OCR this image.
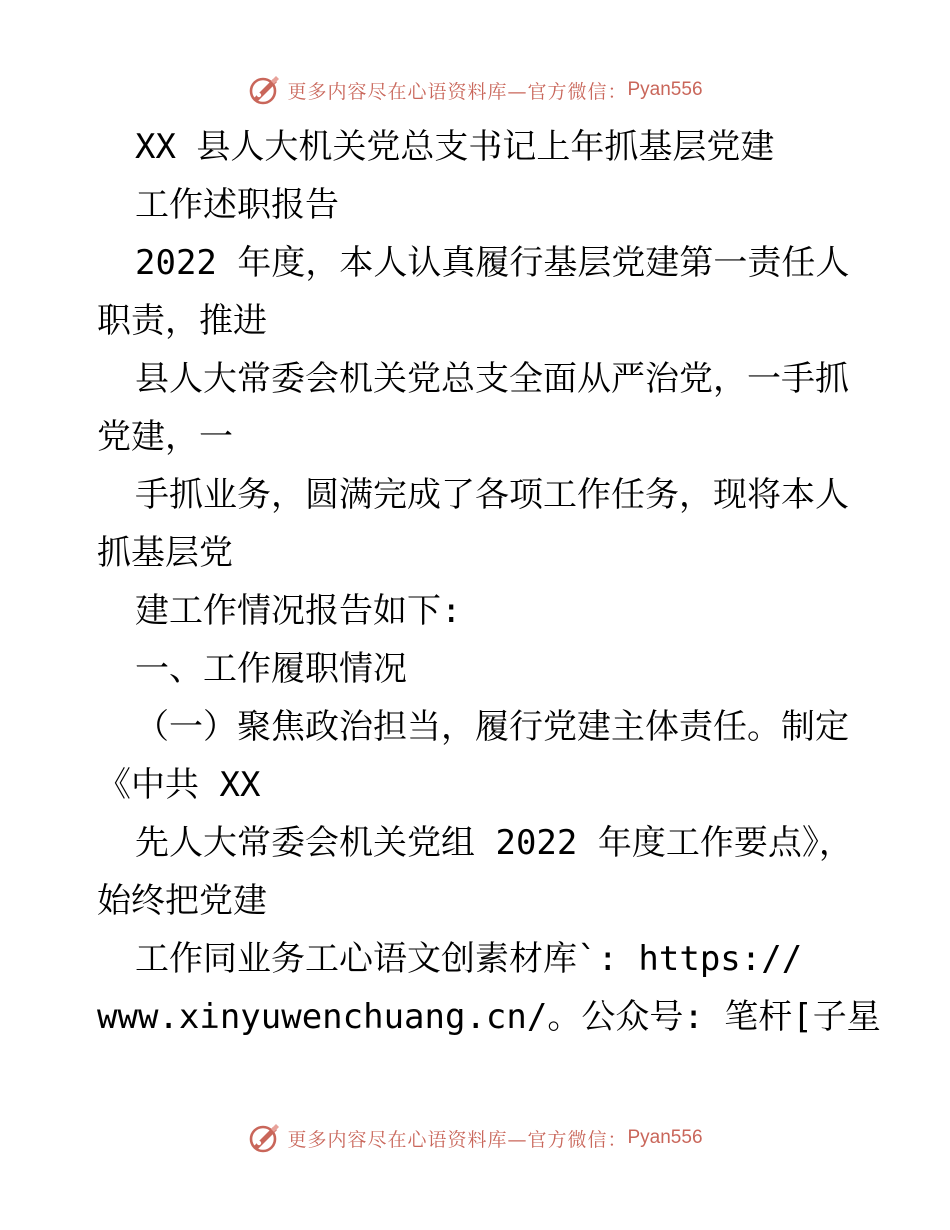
更多内容尽在心语资料库—官方微信： Pyan556
XX 县人大机关党总支书记上年抓基层党建
工作述职报告
2022 年度，本人认真履行基层党建第一责任人
职责，推进
县人大常委会机关党总支全面从严治党，一手抓
党建，一
手抓业务，圆满完成了各项工作任务，现将本人
抓基层党
建工作情况报告如下:
一、工作履职情况
（一）聚焦政治担当，履行党建主体责任。制定
《中共 XX
先人大常委会机关党组 2022 年度工作要点》，
始终把党建
工作同业务工心语文创素材库`: https://
www.xinyuwenchuang.cn/。公众号: 笔杆[子星
更多内容尽在心语资料库—官方微信： Pyan556
